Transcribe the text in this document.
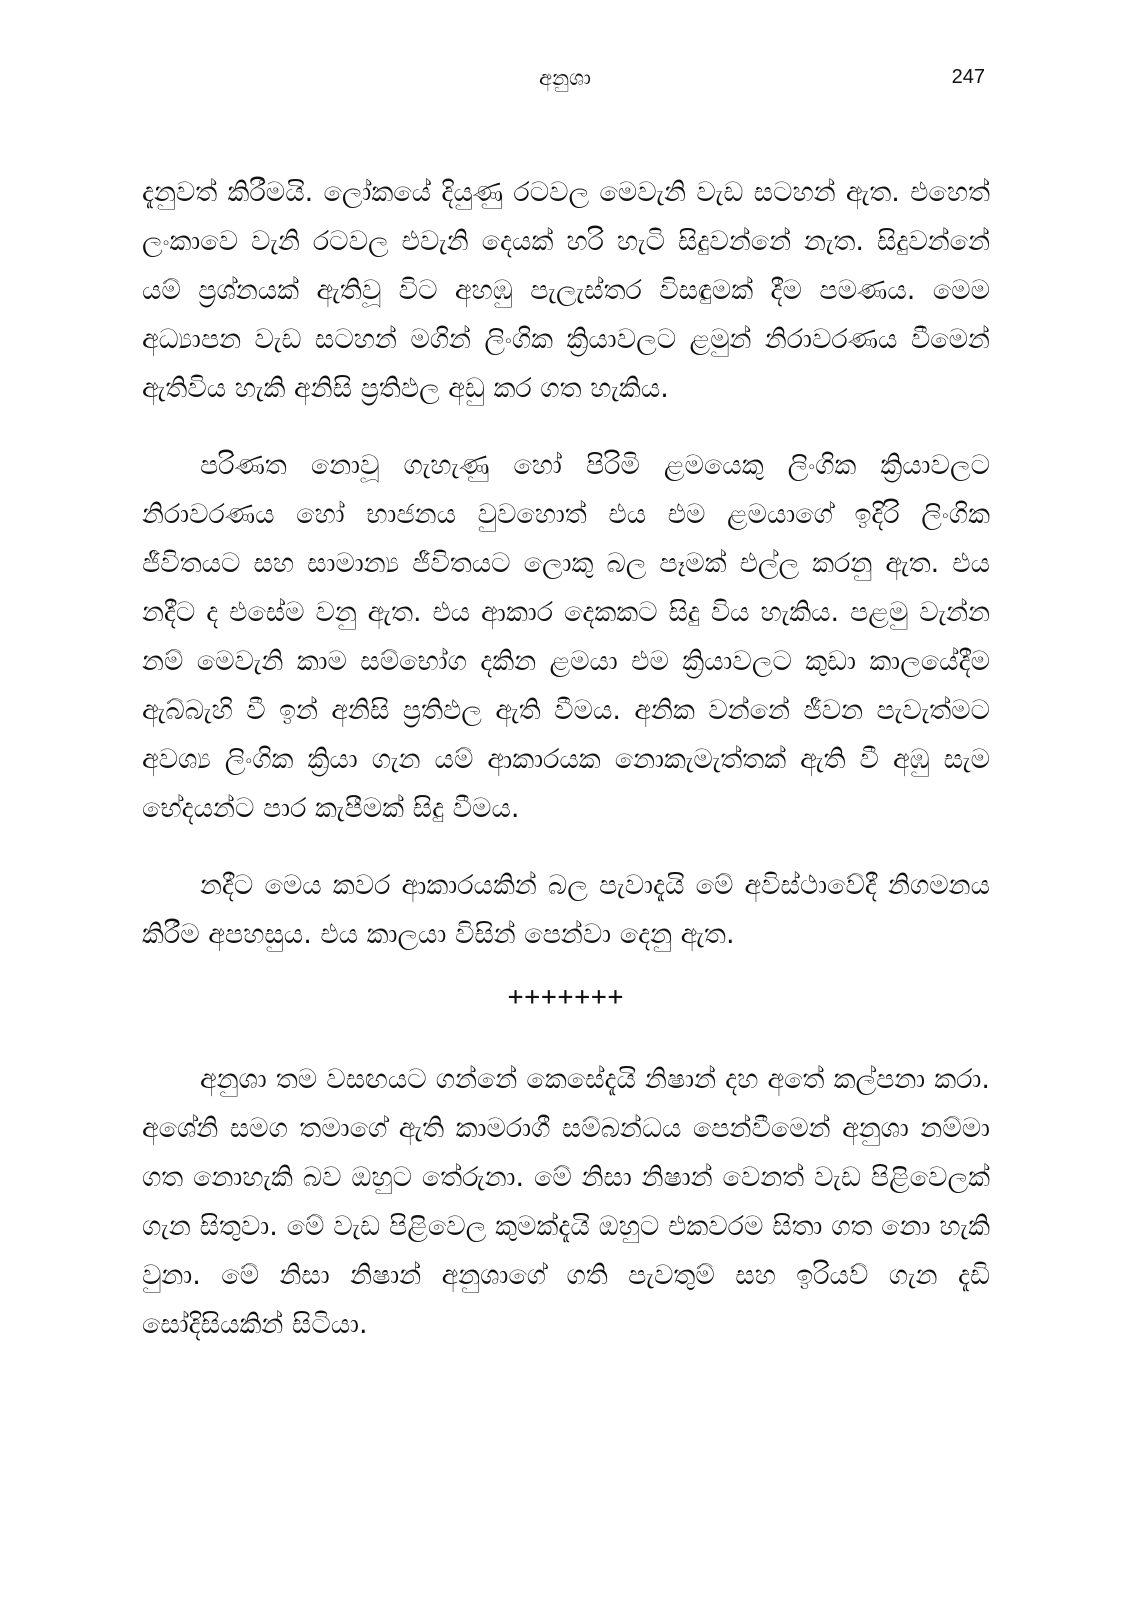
අනුශා	247

දැනුවත් කිරීමයි. ලෝකයේ දියුණු රටවල මෙවැනි වැඩ සටහන් ඇත. එහෙත් ලංකාවෙ වැනි රටවල එවැනි දෙයක් හරි හැටි සිදුවන්නේ නැත. සිදුවන්නේ යම් ප්‍රශ්නයක් ඇතිවූ විට අහඹු පැලැස්තර විසඳුමක් දීම පමණය. මෙම අධ්‍යාපන වැඩ සටහන් මගින් ලිංගික ක්‍රියාවලට ළමුන් නිරාවරණය වීමෙන් ඇතිවිය හැකි අනිසි ප්‍රතිඵල අඩු කර ගත හැකිය.

පරිණත නොවූ ගැහැණු හෝ පිරිමි ළමයෙකු ලිංගික ක්‍රියාවලට නිරාවරණය හෝ භාජනය වුවහොත් එය එම ළමයාගේ ඉදිරි ලිංගික ජීවිතයට සහ සාමාන්‍ය ජීවිතයට ලොකු බල පෑමක් එල්ල කරනු ඇත. එය නදීට ද එසේම වනු ඇත. එය ආකාර දෙකකට සිදු විය හැකිය. පළමු වැන්න නම් මෙවැනි කාම සම්භෝග දකින ළමයා එම ක්‍රියාවලට කුඩා කාලයේදීම ඇබ්බැහි වී ඉන් අනිසි ප්‍රතිඵල ඇති වීමය. අනික වන්නේ ජීවන පැවැත්මට අවශ්‍ය ලිංගික ක්‍රියා ගැන යම් ආකාරයක නොකැමැත්තක් ඇති වී අඹු සැම භේදයන්ට පාර කැපීමක් සිදු වීමය.

නදීට මෙය කවර ආකාරයකින් බල පැවාදැයි මේ අවිස්ථාවේදී නිගමනය කිරීම අපහසුය. එය කාලයා විසින් පෙන්වා දෙනු ඇත.

+++++++

අනුශා තම වසඟයට ගන්නේ කෙසේදැයි නිෂාන් දහ අතේ කල්පනා කරා. අශේනි සමග තමාගේ ඇති කාමරාගී සම්බන්ධය පෙන්වීමෙන් අනුශා නම්මා ගත නොහැකි බව ඔහුට තේරුනා. මේ නිසා නිෂාන් වෙනත් වැඩ පිළිවෙලක් ගැන සිතුවා. මේ වැඩ පිළිවෙල කුමක්දැයි ඔහුට එකවරම සිතා ගත නො හැකි වුනා. මේ නිසා නිෂාන් අනුශාගේ ගති පැවතුම් සහ ඉරියව් ගැන දැඩි සෝදිසියකින් සිටියා.
